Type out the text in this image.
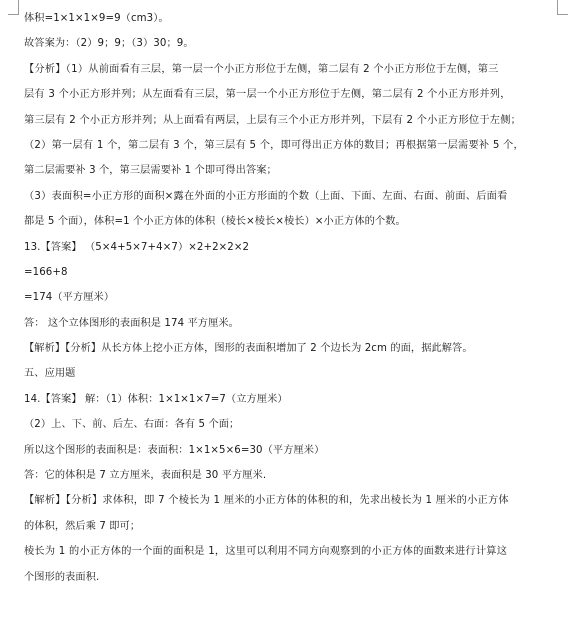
体积=1×1×1×9=9（cm3）。
故答案为：（2）9；9；（3）30；9。
【分析】（1）从前面看有三层，第一层一个小正方形位于左侧，第二层有 2 个小正方形位于左侧，第三
层有 3 个小正方形并列；从左面看有三层，第一层一个小正方形位于左侧，第二层有 2 个小正方形并列，
第三层有 2 个小正方形并列；从上面看有两层，上层有三个小正方形并列，下层有 2 个小正方形位于左侧；
（2）第一层有 1 个，第二层有 3 个，第三层有 5 个，即可得出正方体的数目；再根据第一层需要补 5 个，
第二层需要补 3 个，第三层需要补 1 个即可得出答案；
（3）表面积=小正方形的面积×露在外面的小正方形面的个数（上面、下面、左面、右面、前面、后面看
都是 5 个面），体积=1 个小正方体的体积（棱长×棱长×棱长）×小正方体的个数。
13.【答案】 （5×4+5×7+4×7）×2+2×2×2
=166+8
=174（平方厘米）
答： 这个立体图形的表面积是 174 平方厘米。
【解析】【分析】从长方体上挖小正方体，图形的表面积增加了 2 个边长为 2cm 的面，据此解答。
五、应用题
14.【答案】 解：（1）体积：1×1×1×7=7（立方厘米）
（2）上、下、前、后左、右面：各有 5 个面；
所以这个图形的表面积是：表面积：1×1×5×6=30（平方厘米）
答：它的体积是 7 立方厘米，表面积是 30 平方厘米.
【解析】【分析】求体积，即 7 个棱长为 1 厘米的小正方体的体积的和，先求出棱长为 1 厘米的小正方体
的体积，然后乘 7 即可；
棱长为 1 的小正方体的一个面的面积是 1，这里可以利用不同方向观察到的小正方体的面数来进行计算这
个图形的表面积.
